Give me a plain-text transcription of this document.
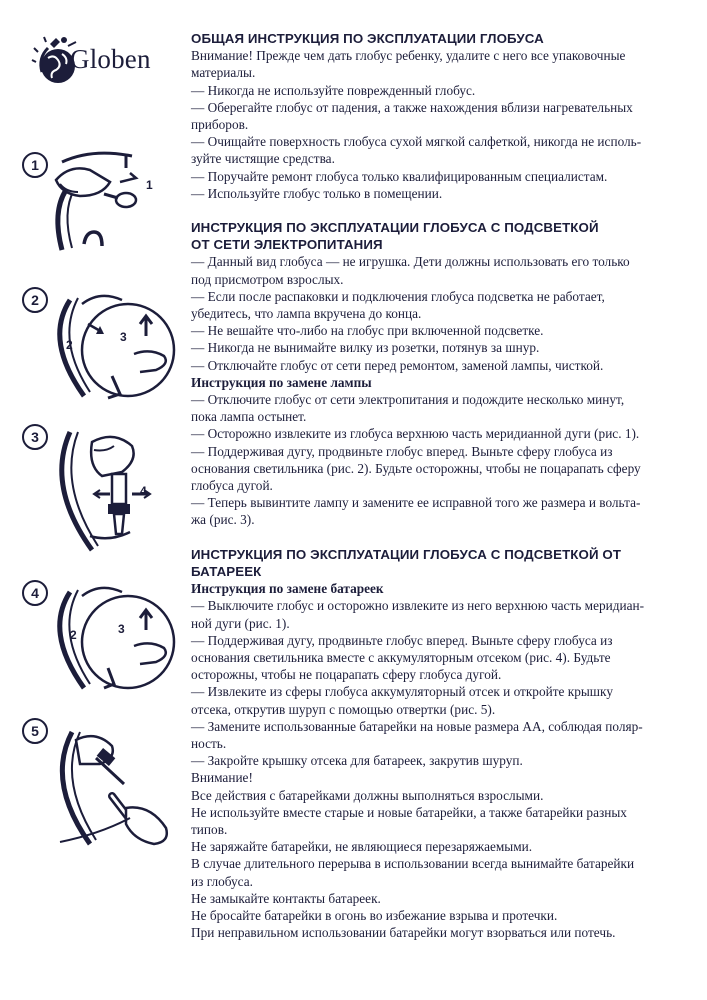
Globen
1
1
2
2
3
3
4
4
2	3
5

ОБЩАЯ ИНСТРУКЦИЯ ПО ЭКСПЛУАТАЦИИ ГЛОБУСА

Внимание! Прежде чем дать глобус ребенку, удалите с него все упаковочные

материалы.

— Никогда не используйте поврежденный глобус.

— Оберегайте глобус от падения, а также нахождения вблизи нагревательных

приборов.

— Очищайте поверхность глобуса сухой мягкой салфеткой, никогда не исполь-

зуйте чистящие средства.

— Поручайте ремонт глобуса только квалифицированным специалистам.

— Используйте глобус только в помещении.

ИНСТРУКЦИЯ ПО ЭКСПЛУАТАЦИИ ГЛОБУСА С ПОДСВЕТКОЙ

ОТ СЕТИ ЭЛЕКТРОПИТАНИЯ

— Данный вид глобуса — не игрушка. Дети должны использовать его только

под присмотром взрослых.

— Если после распаковки и подключения глобуса подсветка не работает,

убедитесь, что лампа вкручена до конца.

— Не вешайте что-либо на глобус при включенной подсветке.

— Никогда не вынимайте вилку из розетки, потянув за шнур.

— Отключайте глобус от сети перед ремонтом, заменой лампы, чисткой.

Инструкция по замене лампы

— Отключите глобус от сети электропитания и подождите несколько минут,

пока лампа остынет.

— Осторожно извлеките из глобуса верхнюю часть меридианной дуги (рис. 1).

— Поддерживая дугу, продвиньте глобус вперед. Выньте сферу глобуса из

основания светильника (рис. 2). Будьте осторожны, чтобы не поцарапать сферу

глобуса дугой.

— Теперь вывинтите лампу и замените ее исправной того же размера и вольта-

жа (рис. 3).

ИНСТРУКЦИЯ ПО ЭКСПЛУАТАЦИИ ГЛОБУСА С ПОДСВЕТКОЙ ОТ

БАТАРЕЕК

Инструкция по замене батареек

— Выключите глобус и осторожно извлеките из него верхнюю часть меридиан-

ной дуги (рис. 1).

— Поддерживая дугу, продвиньте глобус вперед. Выньте сферу глобуса из

основания светильника вместе с аккумуляторным отсеком (рис. 4). Будьте

осторожны, чтобы не поцарапать сферу глобуса дугой.

— Извлеките из сферы глобуса аккумуляторный отсек и откройте крышку

отсека, открутив шуруп с помощью отвертки (рис. 5).

— Замените использованные батарейки на новые размера АА, соблюдая поляр-

ность.

— Закройте крышку отсека для батареек, закрутив шуруп.

Внимание!

Все действия с батарейками должны выполняться взрослыми.

Не используйте вместе старые и новые батарейки, а также батарейки разных

типов.

Не заряжайте батарейки, не являющиеся перезаряжаемыми.

В случае длительного перерыва в использовании всегда вынимайте батарейки

из глобуса.

Не замыкайте контакты батареек.

Не бросайте батарейки в огонь во избежание взрыва и протечки.

При неправильном использовании батарейки могут взорваться или потечь.
